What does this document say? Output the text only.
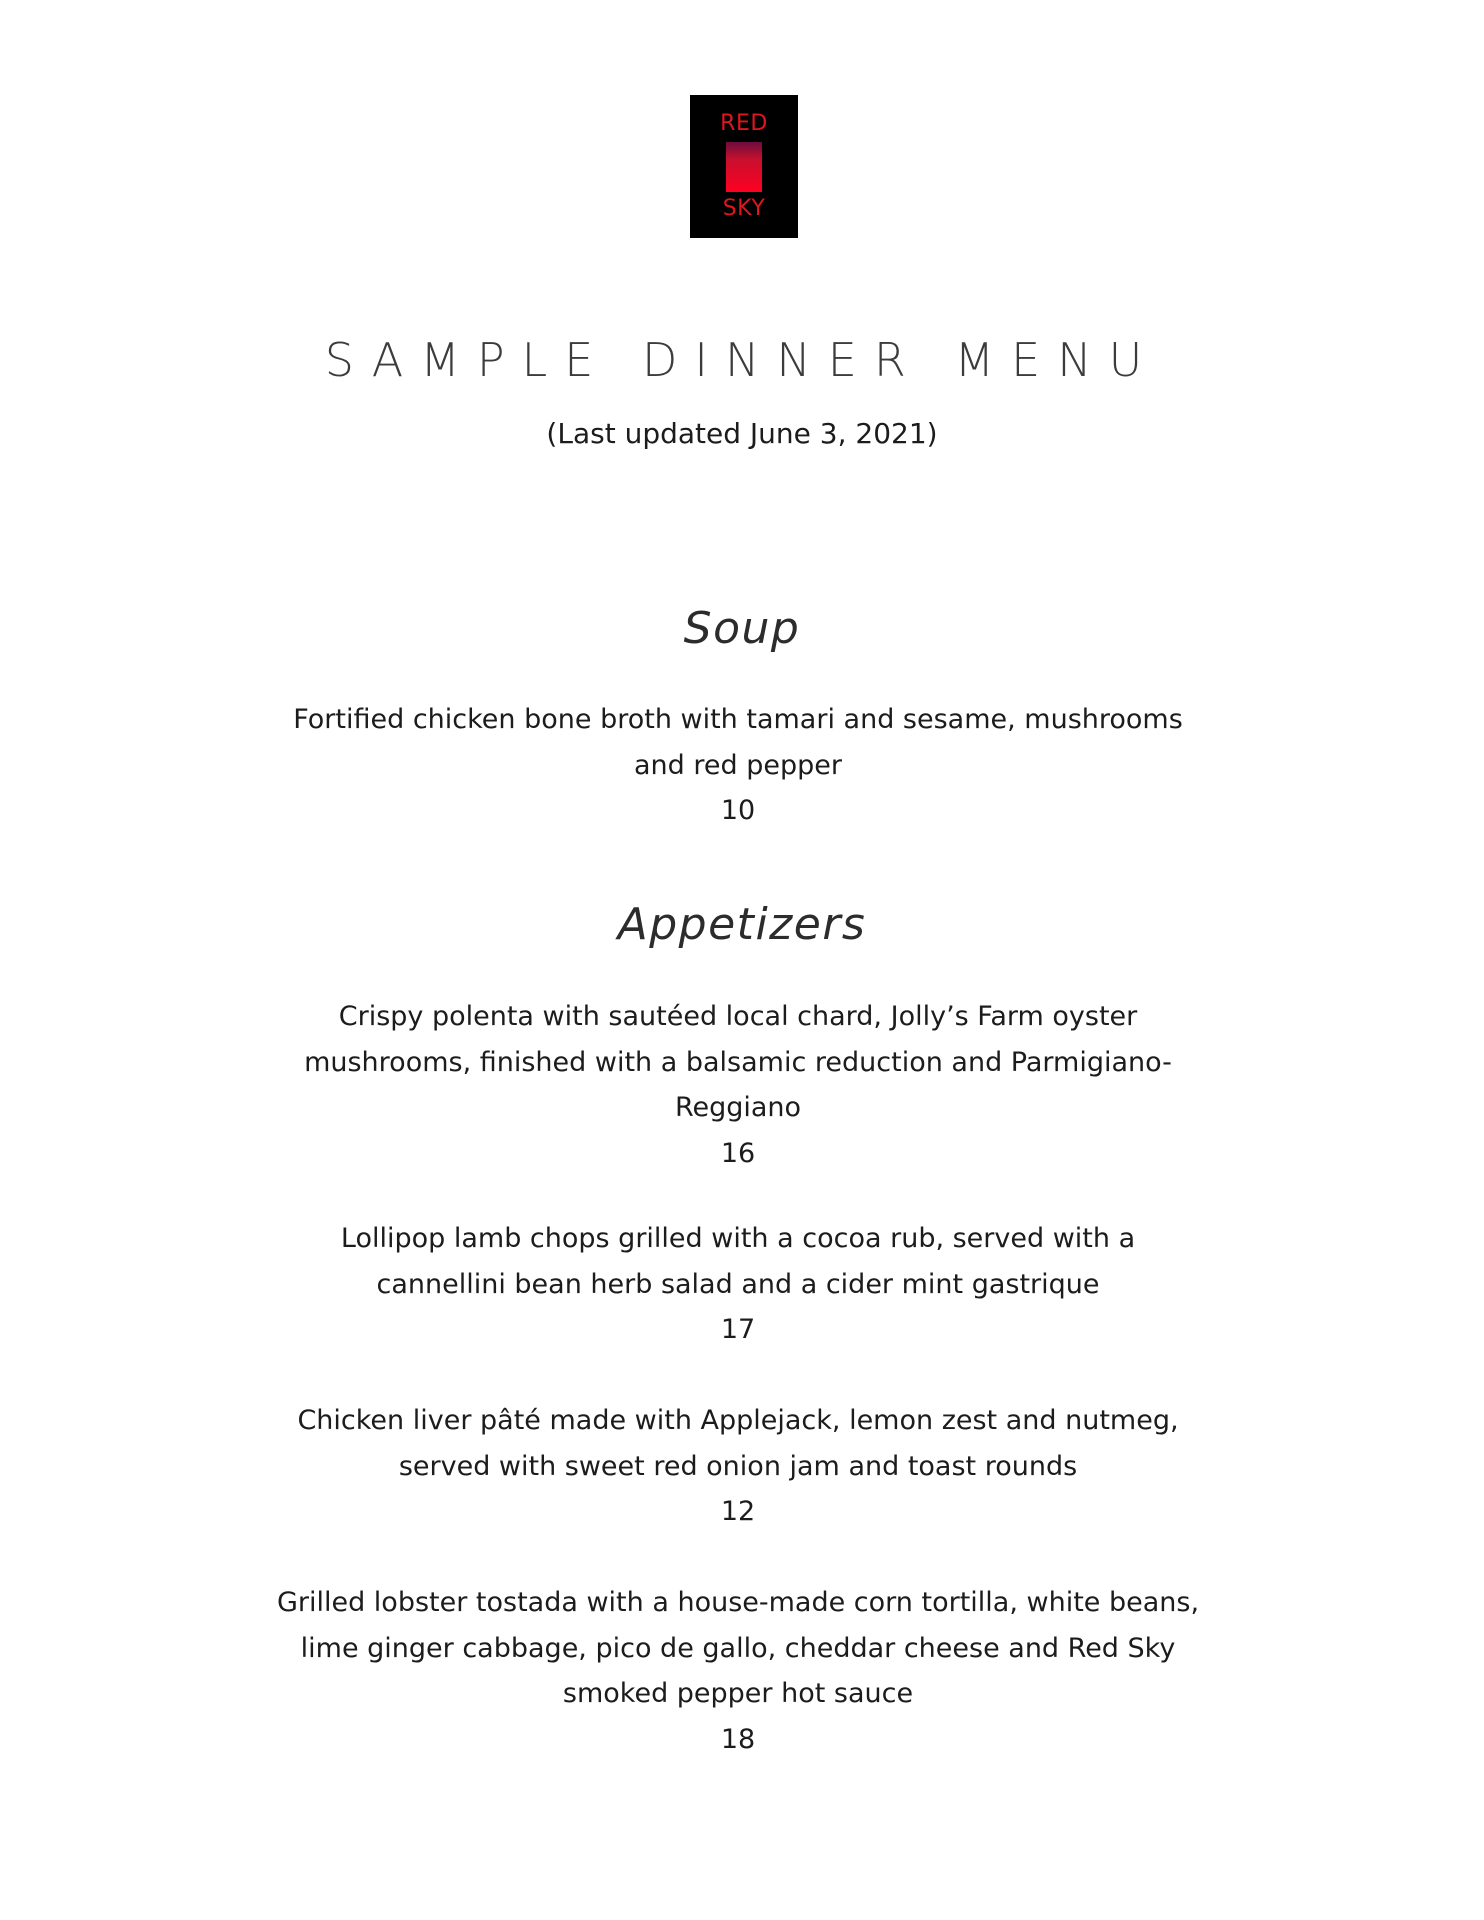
RED
SKY
SAMPLE DINNER MENU
(Last updated June 3, 2021)
Soup

Fortified chicken bone broth with tamari and sesame, mushrooms and red pepper

10

Appetizers

Crispy polenta with sautéed local chard, Jolly’s Farm oyster mushrooms, finished with a balsamic reduction and Parmigiano-Reggiano

16

Lollipop lamb chops grilled with a cocoa rub, served with a cannellini bean herb salad and a cider mint gastrique

17

Chicken liver pâté made with Applejack, lemon zest and nutmeg, served with sweet red onion jam and toast rounds

12

Grilled lobster tostada with a house-made corn tortilla, white beans, lime ginger cabbage, pico de gallo, cheddar cheese and Red Sky smoked pepper hot sauce

18
